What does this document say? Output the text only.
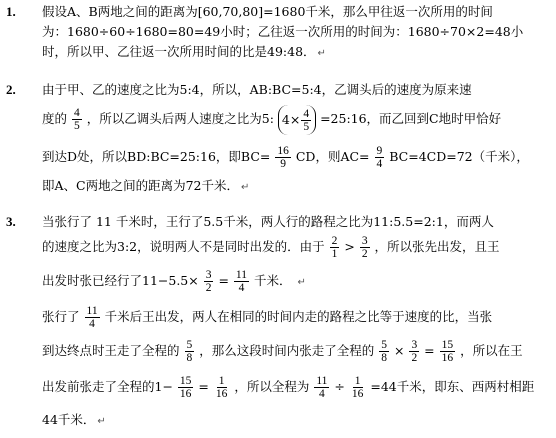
1. 假设A、B两地之间的距离为[60,70,80]=1680千米，那么甲往返一次所用的时间
为：1680÷60÷1680=80=49小时；乙往返一次所用的时间为：1680÷70×2=48小
时，所以甲、乙往返一次所用时间的比是49:48． ↵
2. 由于甲、乙的速度之比为5:4，所以，AB:BC=5:4，乙调头后的速度为原来速
度的 $\frac{4}{5}$ ，所以乙调头后两人速度之比为5: $4\times \frac{4}{5}$ =25:16，而乙回到C地时甲恰好
到达D处，所以BD:BC=25:16，即$BC= \frac{16}{9}$ CD，则$AC= \frac{9}{4} BC=4CD=72$（千米），
即A、C两地之间的距离为72千米． ↵
3. 当张行了 11 千米时，王行了5.5千米，两人行的路程之比为11:5.5=2:1，而两人
的速度之比为3:2，说明两人不是同时出发的．由于 $\frac{2}{1} > \frac{3}{2}$ ，所以张先出发，且王
出发时张已经行了$11-5.5\times \frac{3}{2} = \frac{11}{4}$ 千米． ↵
张行了 $\frac{11}{4}$ 千米后王出发，两人在相同的时间内走的路程之比等于速度的比，当张
到达终点时王走了全程的 $\frac{5}{8}$ ，那么这段时间内张走了全程的 $\frac{5}{8} \times \frac{3}{2} = \frac{15}{16}$ ，所以在王
出发前张走了全程的$1- \frac{15}{16} = \frac{1}{16}$ ，所以全程为 $\frac{11}{4} \div \frac{1}{16} =44$千米，即东、西两村相距
44千米． ↵
